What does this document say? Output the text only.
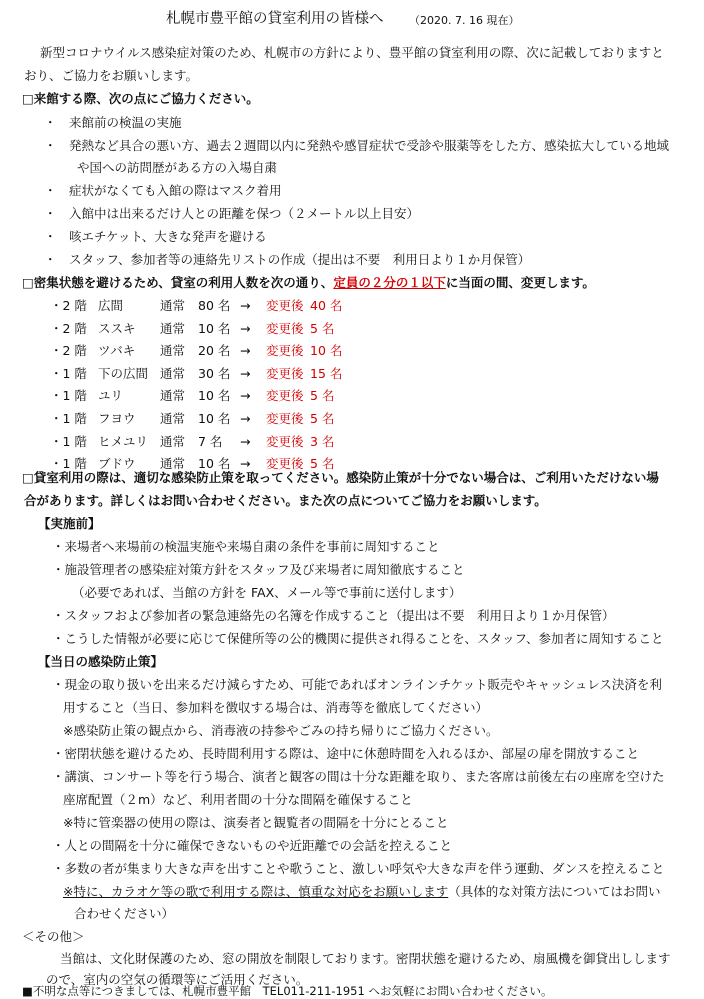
札幌市豊平館の貸室利用の皆様へ （2020. 7. 16 現在）
新型コロナウイルス感染症対策のため、札幌市の方針により、豊平館の貸室利用の際、次に記載しておりますと
おり、ご協力をお願いします。
□来館する際、次の点にご協力ください。
・　来館前の検温の実施
・　発熱など具合の悪い方、過去２週間以内に発熱や感冒症状で受診や服薬等をした方、感染拡大している地域
や国への訪問歴がある方の入場自粛
・　症状がなくても入館の際はマスク着用
・　入館中は出来るだけ人との距離を保つ（２メートル以上目安）
・　咳エチケット、大きな発声を避ける
・　スタッフ、参加者等の連絡先リストの作成（提出は不要　利用日より１か月保管）
□密集状態を避けるため、貸室の利用人数を次の通り、定員の２分の１以下に当面の間、変更します。
・2 階 広間	通常 80 名 → 変更後 40 名
・2 階 ススキ 通常 10 名 → 変更後 5 名
・2 階 ツバキ 通常 20 名 → 変更後 10 名
・1 階 下の広間 通常 30 名 → 変更後 15 名
・1 階 ユリ	通常 10 名 → 変更後 5 名
・1 階 フヨウ 通常 10 名 → 変更後 5 名
・1 階 ヒメユリ 通常 7 名 → 変更後 3 名
・1 階 ブドウ 通常 10 名 → 変更後 5 名
□貸室利用の際は、適切な感染防止策を取ってください。感染防止策が十分でない場合は、ご利用いただけない場
合があります。詳しくはお問い合わせください。また次の点についてご協力をお願いします。
【実施前】
・来場者へ来場前の検温実施や来場自粛の条件を事前に周知すること
・施設管理者の感染症対策方針をスタッフ及び来場者に周知徹底すること
（必要であれば、当館の方針を FAX、メール等で事前に送付します）
・スタッフおよび参加者の緊急連絡先の名簿を作成すること（提出は不要　利用日より１か月保管）
・こうした情報が必要に応じて保健所等の公的機関に提供され得ることを、スタッフ、参加者に周知すること
【当日の感染防止策】
・現金の取り扱いを出来るだけ減らすため、可能であればオンラインチケット販売やキャッシュレス決済を利
用すること（当日、参加料を徴収する場合は、消毒等を徹底してください）
※感染防止策の観点から、消毒液の持参やごみの持ち帰りにご協力ください。
・密閉状態を避けるため、長時間利用する際は、途中に休憩時間を入れるほか、部屋の扉を開放すること
・講演、コンサート等を行う場合、演者と観客の間は十分な距離を取り、また客席は前後左右の座席を空けた
座席配置（２m）など、利用者間の十分な間隔を確保すること
※特に管楽器の使用の際は、演奏者と観覧者の間隔を十分にとること
・人との間隔を十分に確保できないものや近距離での会話を控えること
・多数の者が集まり大きな声を出すことや歌うこと、激しい呼気や大きな声を伴う運動、ダンスを控えること
※特に、カラオケ等の歌で利用する際は、慎重な対応をお願いします（具体的な対策方法についてはお問い
合わせください）
＜その他＞
当館は、文化財保護のため、窓の開放を制限しております。密閉状態を避けるため、扇風機を御貸出しします
ので、室内の空気の循環等にご活用ください。
■不明な点等につきましては、札幌市豊平館　TEL011-211-1951 へお気軽にお問い合わせください。
